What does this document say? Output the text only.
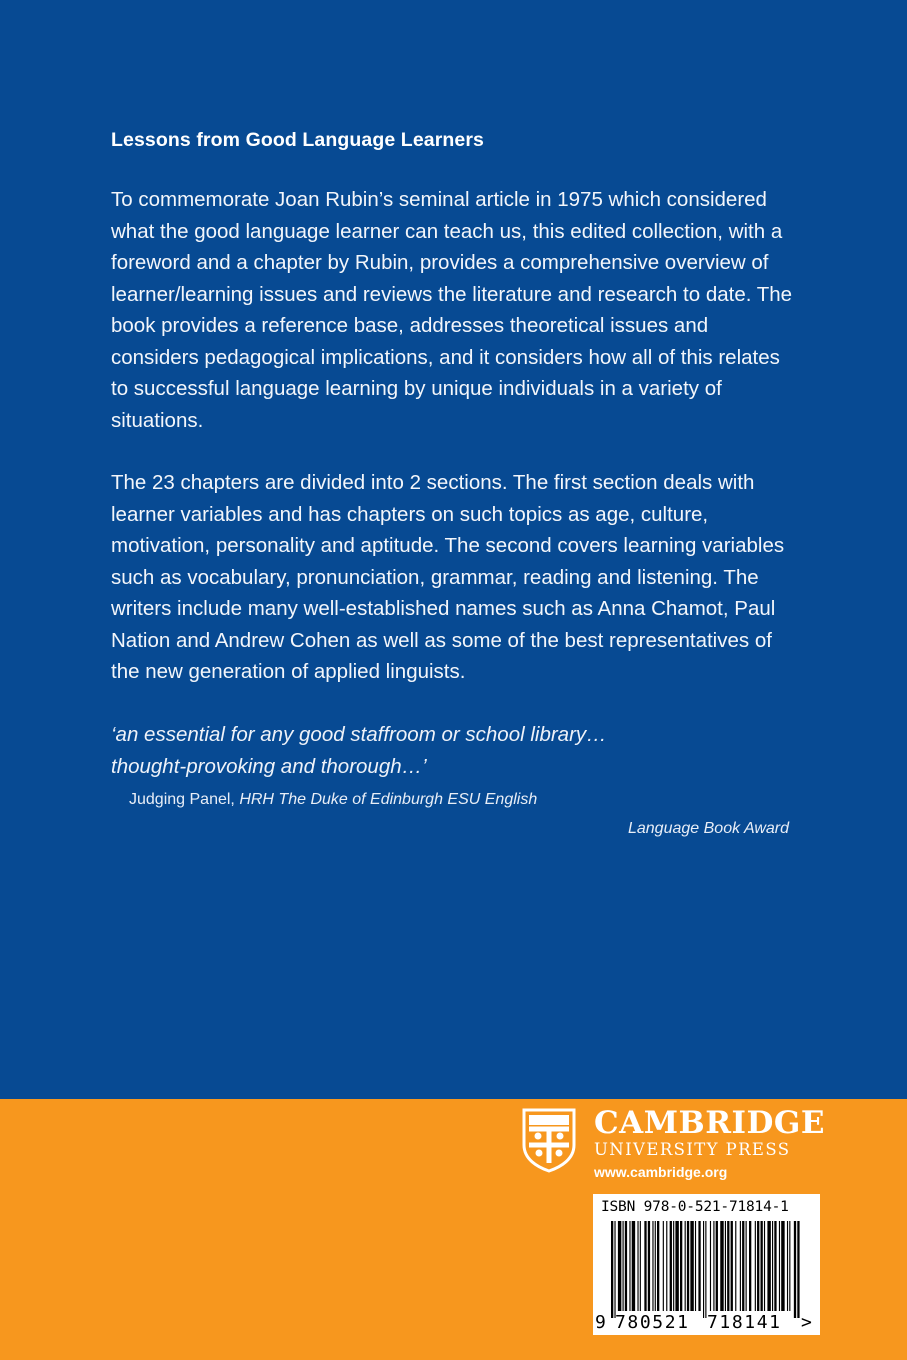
Lessons from Good Language Learners

To commemorate Joan Rubin’s seminal article in 1975 which considered what the good language learner can teach us, this edited collection, with a foreword and a chapter by Rubin, provides a comprehensive overview of learner/learning issues and reviews the literature and research to date. The book provides a reference base, addresses theoretical issues and considers pedagogical implications, and it considers how all of this relates to successful language learning by unique individuals in a variety of situations.

The 23 chapters are divided into 2 sections. The first section deals with learner variables and has chapters on such topics as age, culture, motivation, personality and aptitude. The second covers learning variables such as vocabulary, pronunciation, grammar, reading and listening. The writers include many well-established names such as Anna Chamot, Paul Nation and Andrew Cohen as well as some of the best representatives of the new generation of applied linguists.

‘an essential for any good staffroom or school library…
thought-provoking and thorough…’

Judging Panel, HRH The Duke of Edinburgh ESU English
Language Book Award
CAMBRIDGE
UNIVERSITY PRESS
www.cambridge.org
ISBN 978-0-521-71814-1
9 780521 718141 >
